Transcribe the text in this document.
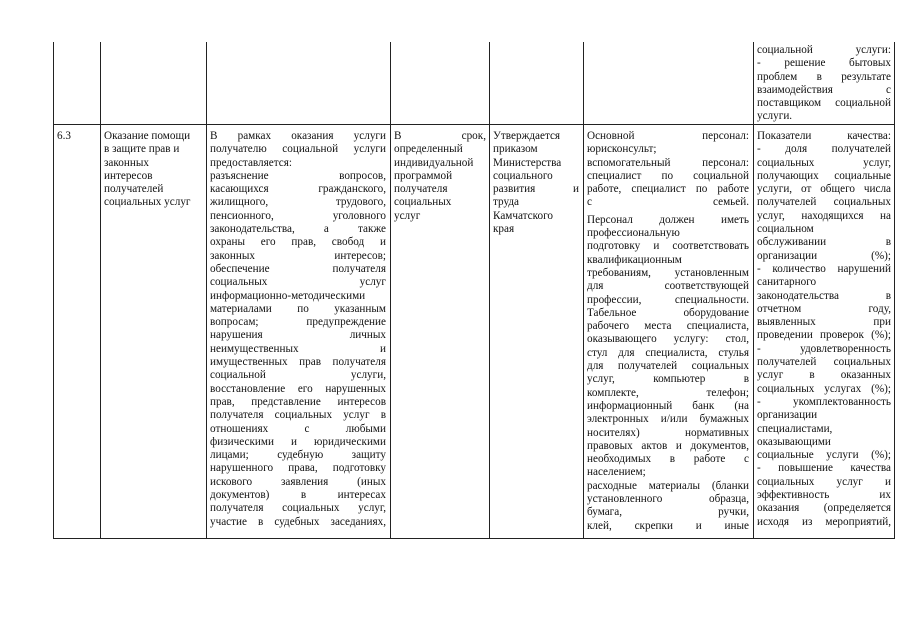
социальной услуги:
- решение бытовых
проблем в результате
взаимодействия с
поставщиком социальной
услуги.
6.3	Оказание помощи
в защите прав и
законных
интересов
получателей
социальных услуг
В рамках оказания услуги
получателю социальной услуги
предоставляется:
разъяснение вопросов,
касающихся гражданского,
жилищного, трудового,
пенсионного, уголовного
законодательства, а также
охраны его прав, свобод и
законных интересов;
обеспечение получателя
социальных услуг
информационно-методическими
материалами по указанным
вопросам; предупреждение
нарушения личных
неимущественных и
имущественных прав получателя
социальной услуги,
восстановление его нарушенных
прав, представление интересов
получателя социальных услуг в
отношениях с любыми
физическими и юридическими
лицами; судебную защиту
нарушенного права, подготовку
искового заявления (иных
документов) в интересах
получателя социальных услуг,
участие в судебных заседаниях,
В срок,
определенный
индивидуальной
программой
получателя
социальных
услуг
Утверждается
приказом
Министерства
социального
развития и
труда
Камчатского
края
Основной персонал:
юрисконсульт;
вспомогательный персонал:
специалист по социальной
работе, специалист по работе
с семьей.
Персонал должен иметь
профессиональную
подготовку и соответствовать
квалификационным
требованиям, установленным
для соответствующей
профессии, специальности.
Табельное оборудование
рабочего места специалиста,
оказывающего услугу: стол,
стул для специалиста, стулья
для получателей социальных
услуг, компьютер в
комплекте, телефон;
информационный банк (на
электронных и/или бумажных
носителях) нормативных
правовых актов и документов,
необходимых в работе с
населением;
расходные материалы (бланки
установленного образца,
бумага, ручки,
клей, скрепки и иные
Показатели качества:
- доля получателей
социальных услуг,
получающих социальные
услуги, от общего числа
получателей социальных
услуг, находящихся на
социальном
обслуживании в
организации (%);
- количество нарушений
санитарного
законодательства в
отчетном году,
выявленных при
проведении проверок (%);
- удовлетворенность
получателей социальных
услуг в оказанных
социальных услугах (%);
- укомплектованность
организации
специалистами,
оказывающими
социальные услуги (%);
- повышение качества
социальных услуг и
эффективность их
оказания (определяется
исходя из мероприятий,
